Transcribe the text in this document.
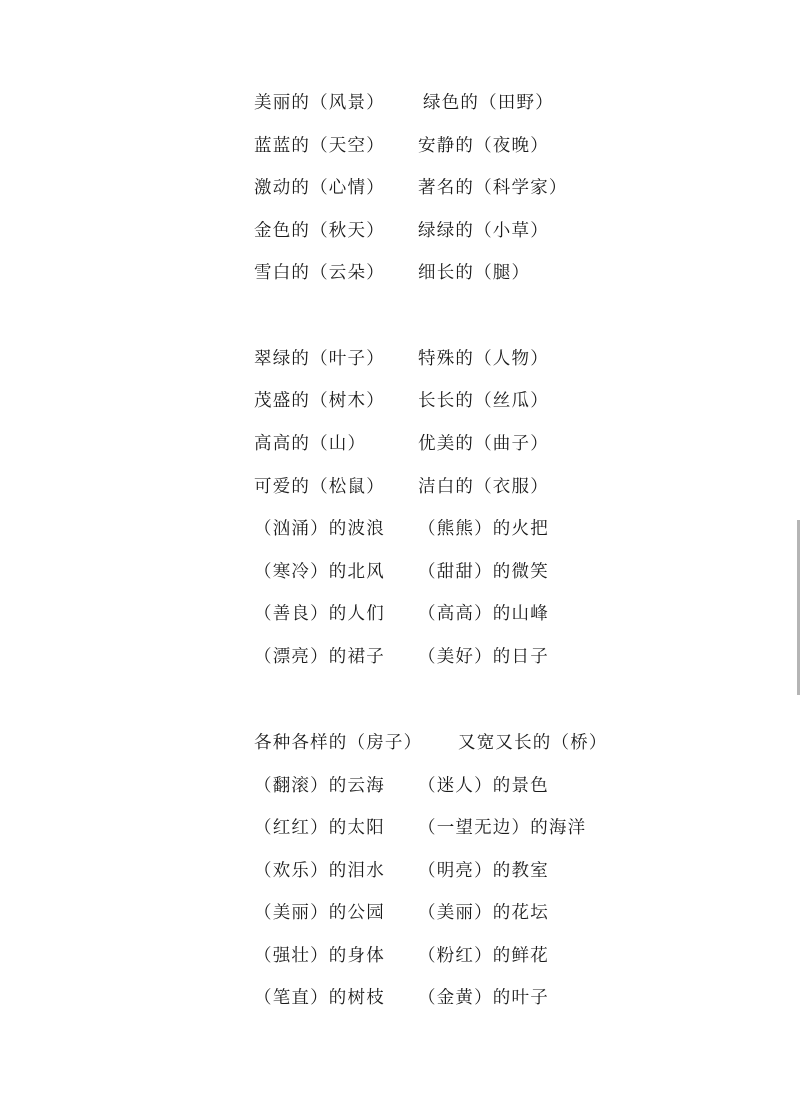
美丽的（风景） 绿色的（田野）
蓝蓝的（天空） 安静的（夜晚）
激动的（心情） 著名的（科学家）
金色的（秋天） 绿绿的（小草）
雪白的（云朵） 细长的（腿）
翠绿的（叶子） 特殊的（人物）
茂盛的（树木） 长长的（丝瓜）
高高的（山）	优美的（曲子）
可爱的（松鼠） 洁白的（衣服）
（汹涌）的波浪 （熊熊）的火把
（寒冷）的北风 （甜甜）的微笑
（善良）的人们 （高高）的山峰
（漂亮）的裙子 （美好）的日子
各种各样的（房子） 又宽又长的（桥）
（翻滚）的云海 （迷人）的景色
（红红）的太阳 （一望无边）的海洋
（欢乐）的泪水 （明亮）的教室
（美丽）的公园 （美丽）的花坛
（强壮）的身体 （粉红）的鲜花
（笔直）的树枝 （金黄）的叶子
